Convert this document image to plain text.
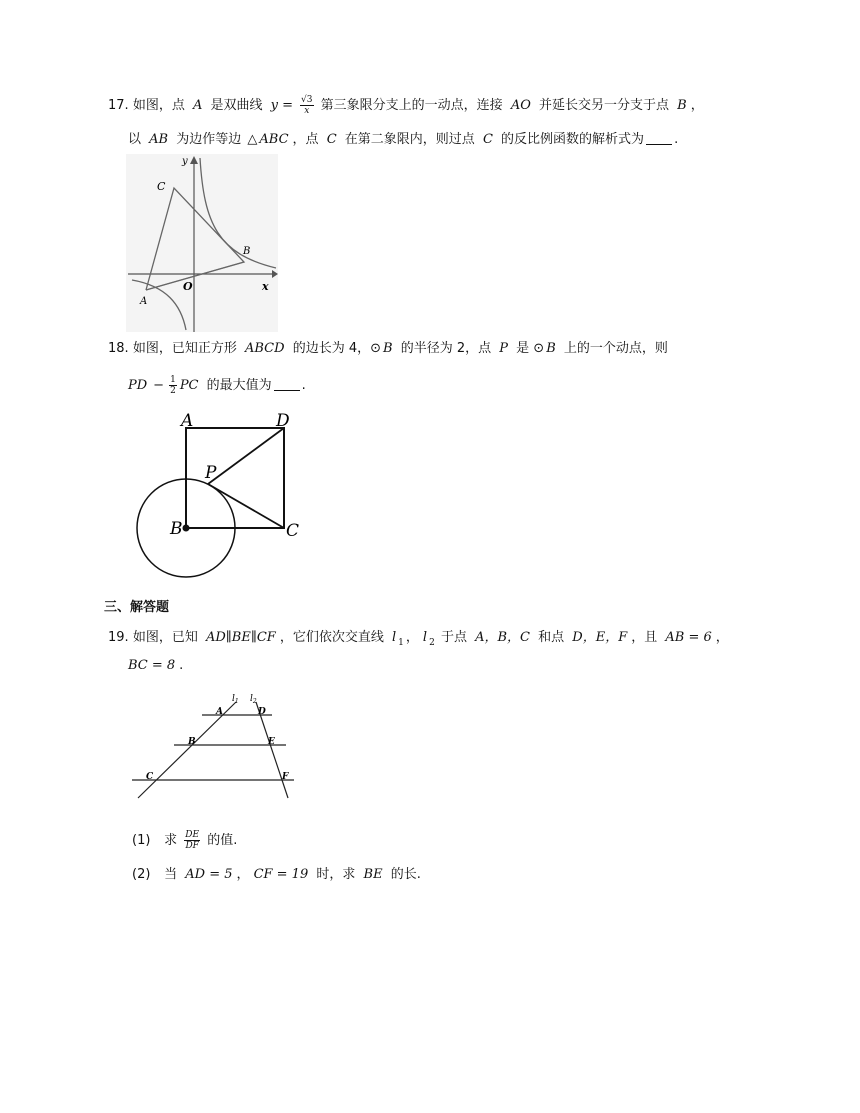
17. 如图，点 A 是双曲线 $y = \frac{√3}{x}$ 第三象限分支上的一动点，连接 AO 并延长交另一分支于点 B ，
以 AB 为边作等边 △ ABC ，点 C 在第二象限内，则过点 C 的反比例函数的解析式为 .
C
y
B
O	x
A
18. 如图，已知正方形 ABCD 的边长为 4，⊙ B 的半径为 2，点 P 是 ⊙ B 上的一个动点，则
PD − $\frac{1}{2}$ PC 的最大值为 .
A	D
P
B	C
三、解答题
19. 如图，已知 AD∥BE∥CF ，它们依次交直线 l $_1$ ， l $_2$ 于点 A，B，C 和点 D，E，F ，且 AB = 6 ，
BC = 8 .
$l_1$ $l_2$
A	D
B	E
C	F
(1) 求 $\frac{DE}{DF}$ 的值.
(2) 当 AD = 5 ， CF = 19 时，求 BE 的长.
